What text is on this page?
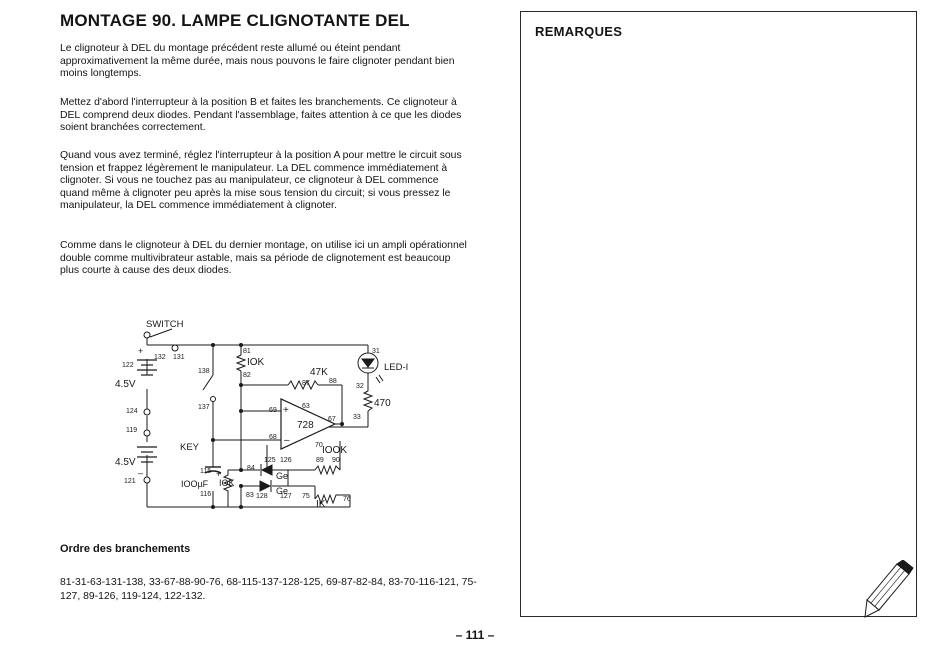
MONTAGE 90. LAMPE CLIGNOTANTE DEL

Le clignoteur à DEL du montage précédent reste allumé ou éteint pendant approximativement la même durée, mais nous pouvons le faire clignoter pendant bien moins longtemps.

Mettez d'abord l'interrupteur à la position B et faites les branchements. Ce clignoteur à DEL comprend deux diodes. Pendant l'assemblage, faites attention à ce que les diodes soient branchées correctement.

Quand vous avez terminé, réglez l'interrupteur à la position A pour mettre le circuit sous tension et frappez légèrement le manipulateur. La DEL commence immédiatement à clignoter. Si vous ne touchez pas au manipulateur, ce clignoteur à DEL commence quand même à clignoter peu après la mise sous tension du circuit; si vous pressez le manipulateur, la DEL commence immédiatement à clignoter.

Comme dans le clignoteur à DEL du dernier montage, on utilise ici un ampli opérationnel double comme multivibrateur astable, mais sa période de clignotement est beaucoup plus courte à cause des deux diodes.

SWITCH
KEY
4.5V
4.5V
+
–
LED-I
728
+
–
IOK
47K
470
IOOK
IOK
IK
IOOµF
+	Ge
Ge
122
132 131
124
119
121
138
137
81
82
31
87	88
32
33
69
63
67
68
70
125 126	89 90
84
115
116	83 128 127 75	76
Ordre des branchements

81-31-63-131-138, 33-67-88-90-76, 68-115-137-128-125, 69-87-82-84, 83-70-116-121, 75-127, 89-126, 119-124, 122-132.

REMARQUES

– 111 –
